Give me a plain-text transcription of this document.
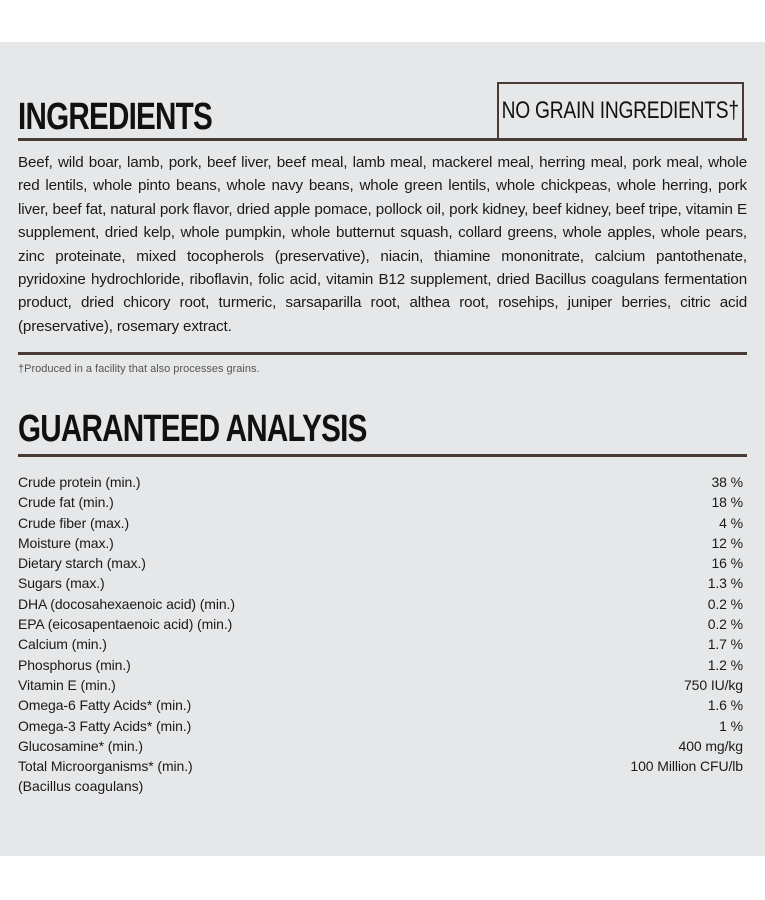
INGREDIENTS	NO GRAIN INGREDIENTS†

Beef, wild boar, lamb, pork, beef liver, beef meal, lamb meal, mackerel meal, herring meal, pork meal, whole red lentils, whole pinto beans, whole navy beans, whole green lentils, whole chickpeas, whole herring, pork liver, beef fat, natural pork flavor, dried apple pomace, pollock oil, pork kidney, beef kidney, beef tripe, vitamin E supplement, dried kelp, whole pumpkin, whole butternut squash, collard greens, whole apples, whole pears, zinc proteinate, mixed tocopherols (preservative), niacin, thiamine mononitrate, calcium pantothenate, pyridoxine hydrochloride, riboflavin, folic acid, vitamin B12 supplement, dried Bacillus coagulans fermentation product, dried chicory root, turmeric, sarsaparilla root, althea root, rosehips, juniper berries, citric acid (preservative), rosemary extract.

†Produced in a facility that also processes grains.

GUARANTEED ANALYSIS
Crude protein (min.)	38 %
Crude fat (min.)	18 %
Crude fiber (max.)	4 %
Moisture (max.)	12 %
Dietary starch (max.)	16 %
Sugars (max.)	1.3 %
DHA (docosahexaenoic acid) (min.)	0.2 %
EPA (eicosapentaenoic acid) (min.)	0.2 %
Calcium (min.)	1.7 %
Phosphorus (min.)	1.2 %
Vitamin E (min.)	750 IU/kg
Omega-6 Fatty Acids* (min.)	1.6 %
Omega-3 Fatty Acids* (min.)	1 %
Glucosamine* (min.)	400 mg/kg
Total Microorganisms* (min.)	100 Million CFU/lb
(Bacillus coagulans)
